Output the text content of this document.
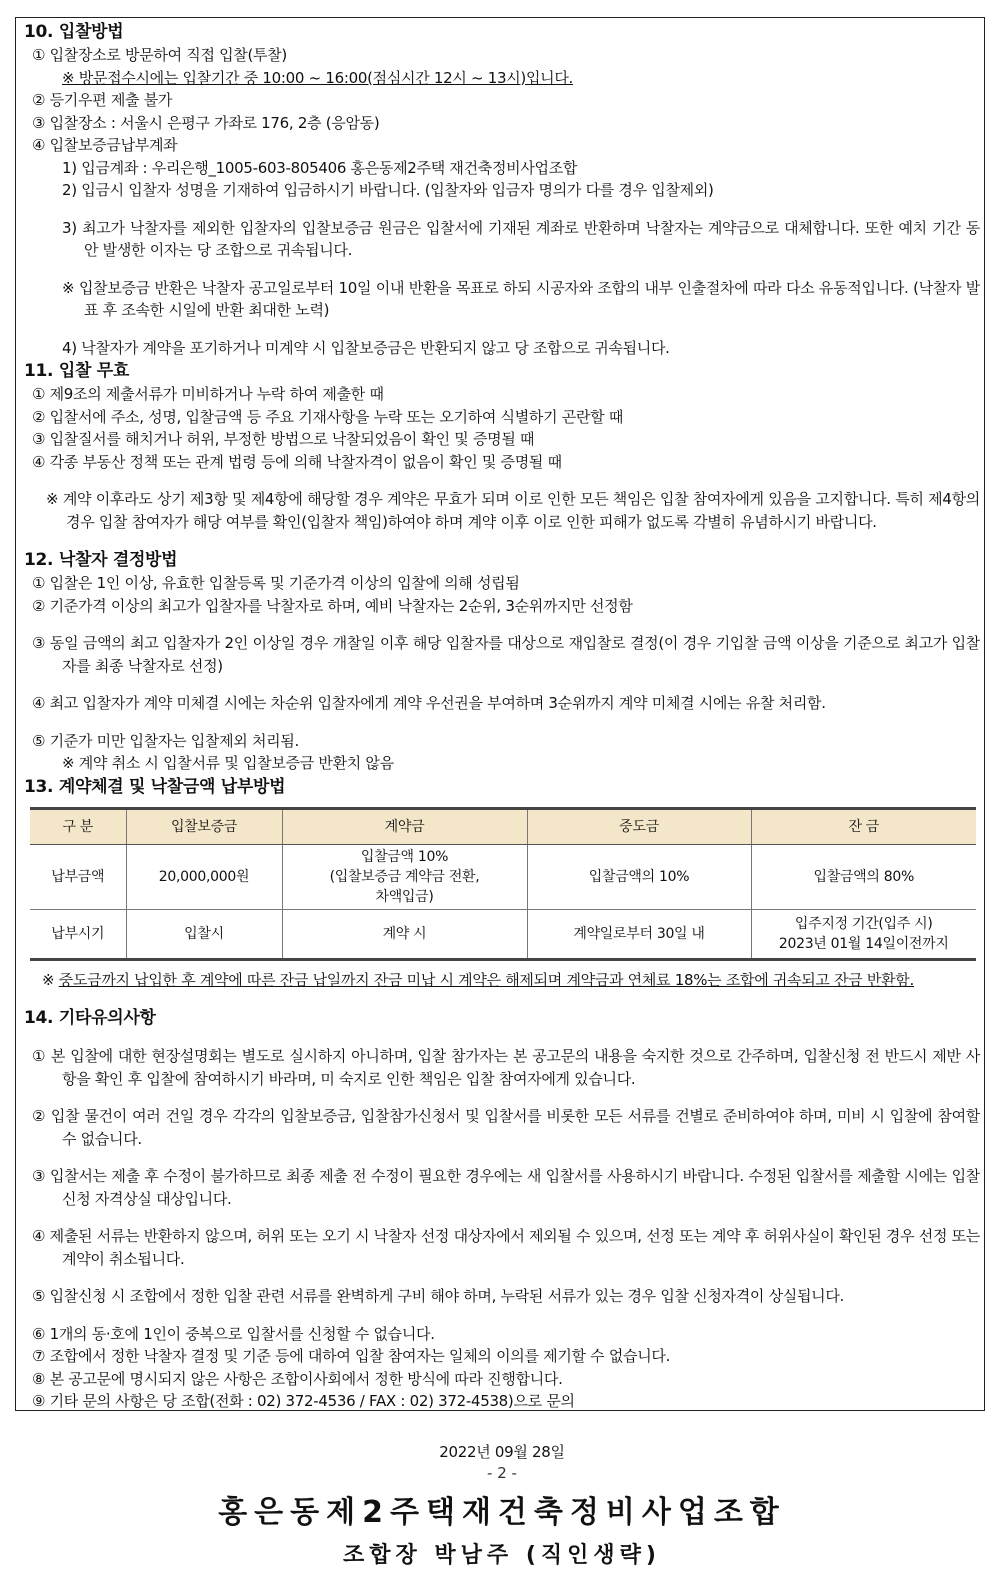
10. 입찰방법

① 입찰장소로 방문하여 직접 입찰(투찰)

※ 방문접수시에는 입찰기간 중 10:00 ~ 16:00(점심시간 12시 ~ 13시)입니다.

② 등기우편 제출 불가

③ 입찰장소 : 서울시 은평구 가좌로 176, 2층 (응암동)

④ 입찰보증금납부계좌

1) 입금계좌 : 우리은행_1005-603-805406 홍은동제2주택 재건축정비사업조합

2) 입금시 입찰자 성명을 기재하여 입금하시기 바랍니다. (입찰자와 입금자 명의가 다를 경우 입찰제외)

3) 최고가 낙찰자를 제외한 입찰자의 입찰보증금 원금은 입찰서에 기재된 계좌로 반환하며 낙찰자는 계약금으로 대체합니다. 또한 예치 기간 동안 발생한 이자는 당 조합으로 귀속됩니다.

※ 입찰보증금 반환은 낙찰자 공고일로부터 10일 이내 반환을 목표로 하되 시공자와 조합의 내부 인출절차에 따라 다소 유동적입니다. (낙찰자 발표 후 조속한 시일에 반환 최대한 노력)

4) 낙찰자가 계약을 포기하거나 미계약 시 입찰보증금은 반환되지 않고 당 조합으로 귀속됩니다.

11. 입찰 무효

① 제9조의 제출서류가 미비하거나 누락 하여 제출한 때

② 입찰서에 주소, 성명, 입찰금액 등 주요 기재사항을 누락 또는 오기하여 식별하기 곤란할 때

③ 입찰질서를 해치거나 허위, 부정한 방법으로 낙찰되었음이 확인 및 증명될 때

④ 각종 부동산 정책 또는 관계 법령 등에 의해 낙찰자격이 없음이 확인 및 증명될 때

※ 계약 이후라도 상기 제3항 및 제4항에 해당할 경우 계약은 무효가 되며 이로 인한 모든 책임은 입찰 참여자에게 있음을 고지합니다. 특히 제4항의 경우 입찰 참여자가 해당 여부를 확인(입찰자 책임)하여야 하며 계약 이후 이로 인한 피해가 없도록 각별히 유념하시기 바랍니다.

12. 낙찰자 결정방법

① 입찰은 1인 이상, 유효한 입찰등록 및 기준가격 이상의 입찰에 의해 성립됨

② 기준가격 이상의 최고가 입찰자를 낙찰자로 하며, 예비 낙찰자는 2순위, 3순위까지만 선정함

③ 동일 금액의 최고 입찰자가 2인 이상일 경우 개찰일 이후 해당 입찰자를 대상으로 재입찰로 결정(이 경우 기입찰 금액 이상을 기준으로 최고가 입찰자를 최종 낙찰자로 선정)

④ 최고 입찰자가 계약 미체결 시에는 차순위 입찰자에게 계약 우선권을 부여하며 3순위까지 계약 미체결 시에는 유찰 처리함.

⑤ 기준가 미만 입찰자는 입찰제외 처리됨.

※ 계약 취소 시 입찰서류 및 입찰보증금 반환치 않음

13. 계약체결 및 낙찰금액 납부방법

구 분	입찰보증금	계약금	중도금	잔 금
납부금액	20,000,000원	입찰금액 10%
(입찰보증금 계약금 전환,
차액입금)	입찰금액의 10%	입찰금액의 80%
납부시기	입찰시	계약 시	계약일로부터 30일 내	입주지정 기간(입주 시)
2023년 01월 14일이전까지

※ 중도금까지 납입한 후 계약에 따른 잔금 납일까지 잔금 미납 시 계약은 해제되며 계약금과 연체료 18%는 조합에 귀속되고 잔금 반환함.

14. 기타유의사항

① 본 입찰에 대한 현장설명회는 별도로 실시하지 아니하며, 입찰 참가자는 본 공고문의 내용을 숙지한 것으로 간주하며, 입찰신청 전 반드시 제반 사항을 확인 후 입찰에 참여하시기 바라며, 미 숙지로 인한 책임은 입찰 참여자에게 있습니다.

② 입찰 물건이 여러 건일 경우 각각의 입찰보증금, 입찰참가신청서 및 입찰서를 비롯한 모든 서류를 건별로 준비하여야 하며, 미비 시 입찰에 참여할 수 없습니다.

③ 입찰서는 제출 후 수정이 불가하므로 최종 제출 전 수정이 필요한 경우에는 새 입찰서를 사용하시기 바랍니다. 수정된 입찰서를 제출할 시에는 입찰신청 자격상실 대상입니다.

④ 제출된 서류는 반환하지 않으며, 허위 또는 오기 시 낙찰자 선정 대상자에서 제외될 수 있으며, 선정 또는 계약 후 허위사실이 확인된 경우 선정 또는 계약이 취소됩니다.

⑤ 입찰신청 시 조합에서 정한 입찰 관련 서류를 완벽하게 구비 해야 하며, 누락된 서류가 있는 경우 입찰 신청자격이 상실됩니다.

⑥ 1개의 동·호에 1인이 중복으로 입찰서를 신청할 수 없습니다.

⑦ 조합에서 정한 낙찰자 결정 및 기준 등에 대하여 입찰 참여자는 일체의 이의를 제기할 수 없습니다.

⑧ 본 공고문에 명시되지 않은 사항은 조합이사회에서 정한 방식에 따라 진행합니다.

⑨ 기타 문의 사항은 당 조합(전화 : 02) 372-4536 / FAX : 02) 372-4538)으로 문의

2022년 09월 28일
홍은동제2주택재건축정비사업조합
조합장 박남주 (직인생략)
- 2 -
